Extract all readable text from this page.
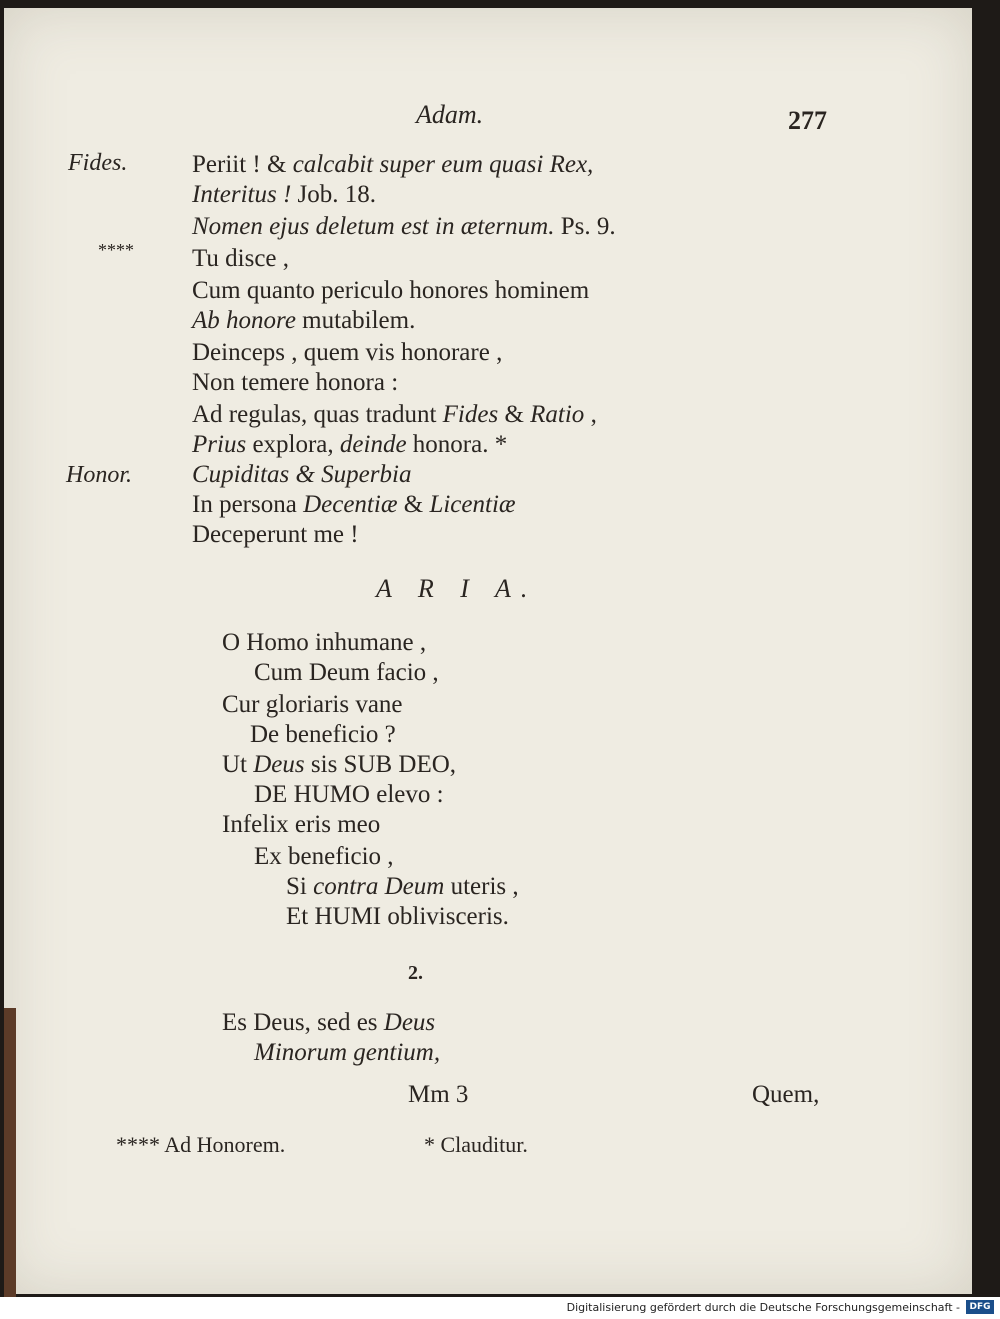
Adam.	277
Fides.
****
Honor.
Periit ! & calcabit super eum quasi Rex,
Interitus ! Job. 18.
Nomen ejus deletum est in æternum. Ps. 9.
Tu disce ,
Cum quanto periculo honores hominem
Ab honore mutabilem.
Deinceps , quem vis honorare ,
Non temere honora :
Ad regulas, quas tradunt Fides & Ratio ,
Prius explora, deinde honora. *
Cupiditas & Superbia
In persona Decentiæ & Licentiæ
Deceperunt me !
A R I A.
O Homo inhumane ,
Cum Deum facio ,
Cur gloriaris vane
De beneficio ?
Ut Deus sis SUB DEO,
DE HUMO elevo :
Infelix eris meo
Ex beneficio ,
Si contra Deum uteris ,
Et HUMI oblivisceris.
2.
Es Deus, sed es Deus
Minorum gentium,
Mm 3	Quem,
**** Ad Honorem.	* Clauditur.
Digitalisierung gefördert durch die Deutsche Forschungsgemeinschaft -	DFG
